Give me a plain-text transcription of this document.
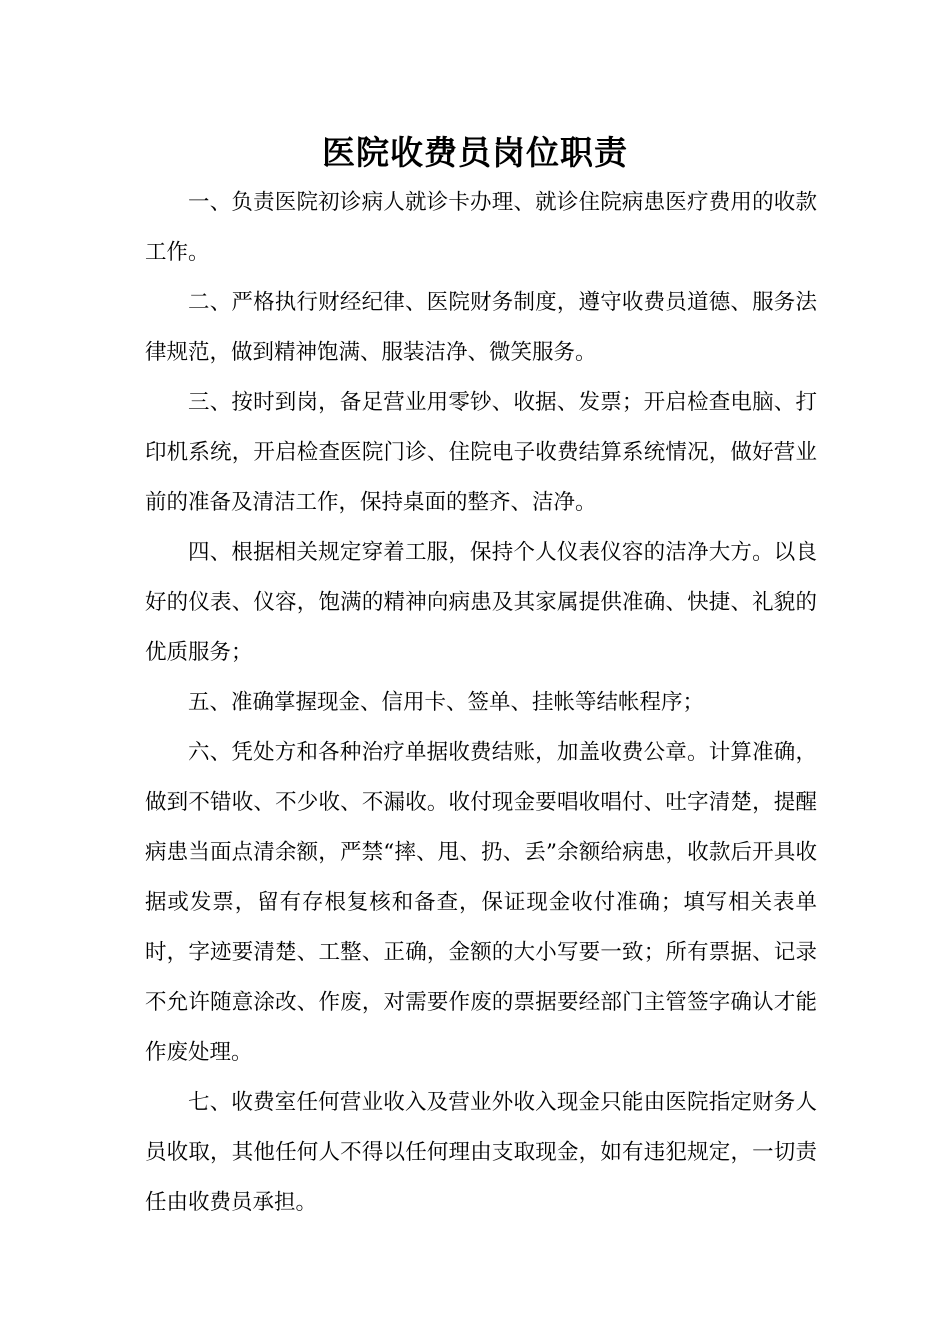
医院收费员岗位职责

一、负责医院初诊病人就诊卡办理、就诊住院病患医疗费用的收款工作。

二、严格执行财经纪律、医院财务制度，遵守收费员道德、服务法律规范，做到精神饱满、服装洁净、微笑服务。

三、按时到岗，备足营业用零钞、收据、发票；开启检查电脑、打印机系统，开启检查医院门诊、住院电子收费结算系统情况，做好营业前的准备及清洁工作，保持桌面的整齐、洁净。

四、根据相关规定穿着工服，保持个人仪表仪容的洁净大方。以良好的仪表、仪容，饱满的精神向病患及其家属提供准确、快捷、礼貌的优质服务；

五、准确掌握现金、信用卡、签单、挂帐等结帐程序；

六、凭处方和各种治疗单据收费结账，加盖收费公章。计算准确，做到不错收、不少收、不漏收。收付现金要唱收唱付、吐字清楚，提醒病患当面点清余额，严禁“摔、甩、扔、丢”余额给病患，收款后开具收据或发票，留有存根复核和备查，保证现金收付准确；填写相关表单时，字迹要清楚、工整、正确，金额的大小写要一致；所有票据、记录不允许随意涂改、作废，对需要作废的票据要经部门主管签字确认才能作废处理。

七、收费室任何营业收入及营业外收入现金只能由医院指定财务人员收取，其他任何人不得以任何理由支取现金，如有违犯规定，一切责任由收费员承担。
